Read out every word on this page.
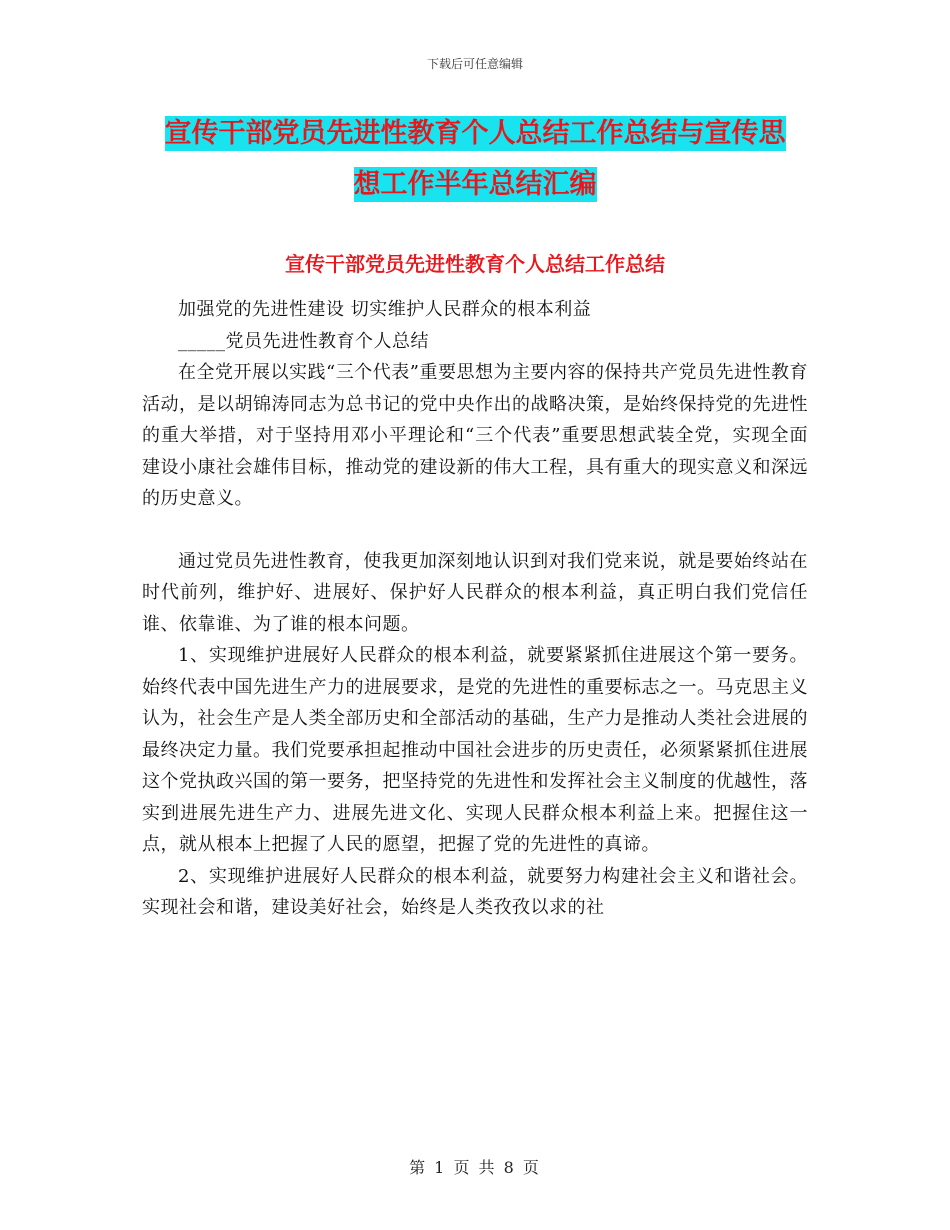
下载后可任意编辑
宣传干部党员先进性教育个人总结工作总结与宣传思
想工作半年总结汇编
宣传干部党员先进性教育个人总结工作总结

加强党的先进性建设 切实维护人民群众的根本利益

_____党员先进性教育个人总结

在全党开展以实践“三个代表”重要思想为主要内容的保持共产党员先进性教育活动，是以胡锦涛同志为总书记的党中央作出的战略决策，是始终保持党的先进性的重大举措，对于坚持用邓小平理论和“三个代表”重要思想武装全党，实现全面建设小康社会雄伟目标，推动党的建设新的伟大工程，具有重大的现实意义和深远的历史意义。

通过党员先进性教育，使我更加深刻地认识到对我们党来说，就是要始终站在时代前列，维护好、进展好、保护好人民群众的根本利益，真正明白我们党信任谁、依靠谁、为了谁的根本问题。

1、实现维护进展好人民群众的根本利益，就要紧紧抓住进展这个第一要务。始终代表中国先进生产力的进展要求，是党的先进性的重要标志之一。马克思主义认为，社会生产是人类全部历史和全部活动的基础，生产力是推动人类社会进展的最终决定力量。我们党要承担起推动中国社会进步的历史责任，必须紧紧抓住进展这个党执政兴国的第一要务，把坚持党的先进性和发挥社会主义制度的优越性，落实到进展先进生产力、进展先进文化、实现人民群众根本利益上来。把握住这一点，就从根本上把握了人民的愿望，把握了党的先进性的真谛。

2、实现维护进展好人民群众的根本利益，就要努力构建社会主义和谐社会。实现社会和谐，建设美好社会，始终是人类孜孜以求的社

第 1 页 共 8 页
